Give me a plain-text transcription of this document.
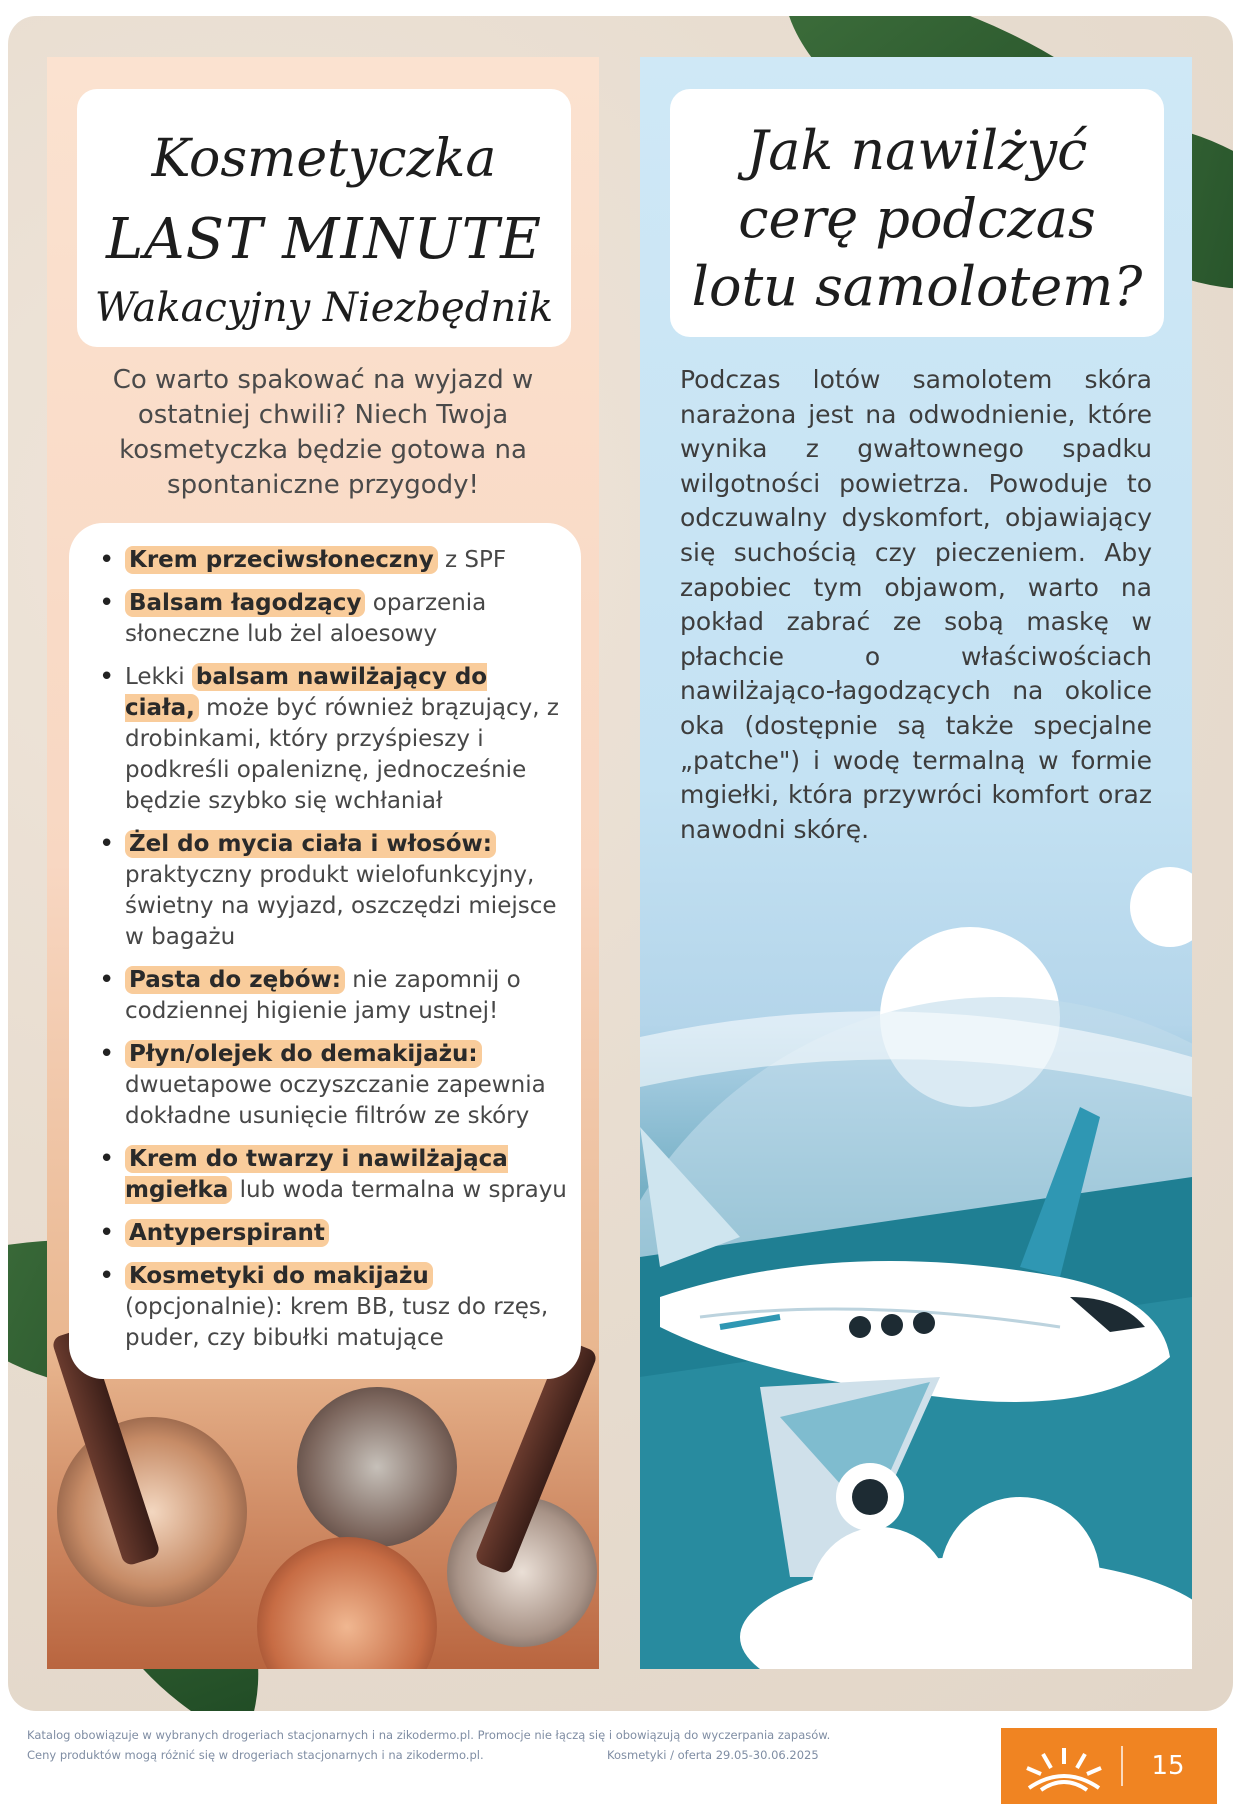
Kosmetyczka
LAST MINUTE
Wakacyjny Niezbędnik
Co warto spakować na wyjazd w ostatniej chwili? Niech Twoja kosmetyczka będzie gotowa na spontaniczne przygody!
• Krem przeciwsłoneczny z SPF
• Balsam łagodzący oparzenia słoneczne lub żel aloesowy
• Lekki balsam nawilżający do ciała, może być również brązujący, z drobinkami, który przyśpieszy i podkreśli opaleniznę, jednocześnie będzie szybko się wchłaniał
• Żel do mycia ciała i włosów: praktyczny produkt wielofunkcyjny, świetny na wyjazd, oszczędzi miejsce w bagażu
• Pasta do zębów: nie zapomnij o codziennej higienie jamy ustnej!
• Płyn/olejek do demakijażu: dwuetapowe oczyszczanie zapewnia dokładne usunięcie filtrów ze skóry
• Krem do twarzy i nawilżająca mgiełka lub woda termalna w sprayu
• Antyperspirant
• Kosmetyki do makijażu (opcjonalnie): krem BB, tusz do rzęs, puder, czy bibułki matujące
Jak nawilżyć
cerę podczas
lotu samolotem?
Podczas lotów samolotem skóra narażona jest na odwodnienie, które wynika z gwałtownego spadku wilgotności powietrza. Powoduje to odczuwalny dyskomfort, objawiający się suchością czy pieczeniem. Aby zapobiec tym objawom, warto na pokład zabrać ze sobą maskę w płachcie o właściwościach nawilżająco-łagodzących na okolice oka (dostępnie są także specjalne „patche") i wodę termalną w formie mgiełki, która przywróci komfort oraz nawodni skórę.
Katalog obowiązuje w wybranych drogeriach stacjonarnych i na zikodermo.pl. Promocje nie łączą się i obowiązują do wyczerpania zapasów.
Ceny produktów mogą różnić się w drogeriach stacjonarnych i na zikodermo.pl.	Kosmetyki / oferta 29.05-30.06.2025	15
